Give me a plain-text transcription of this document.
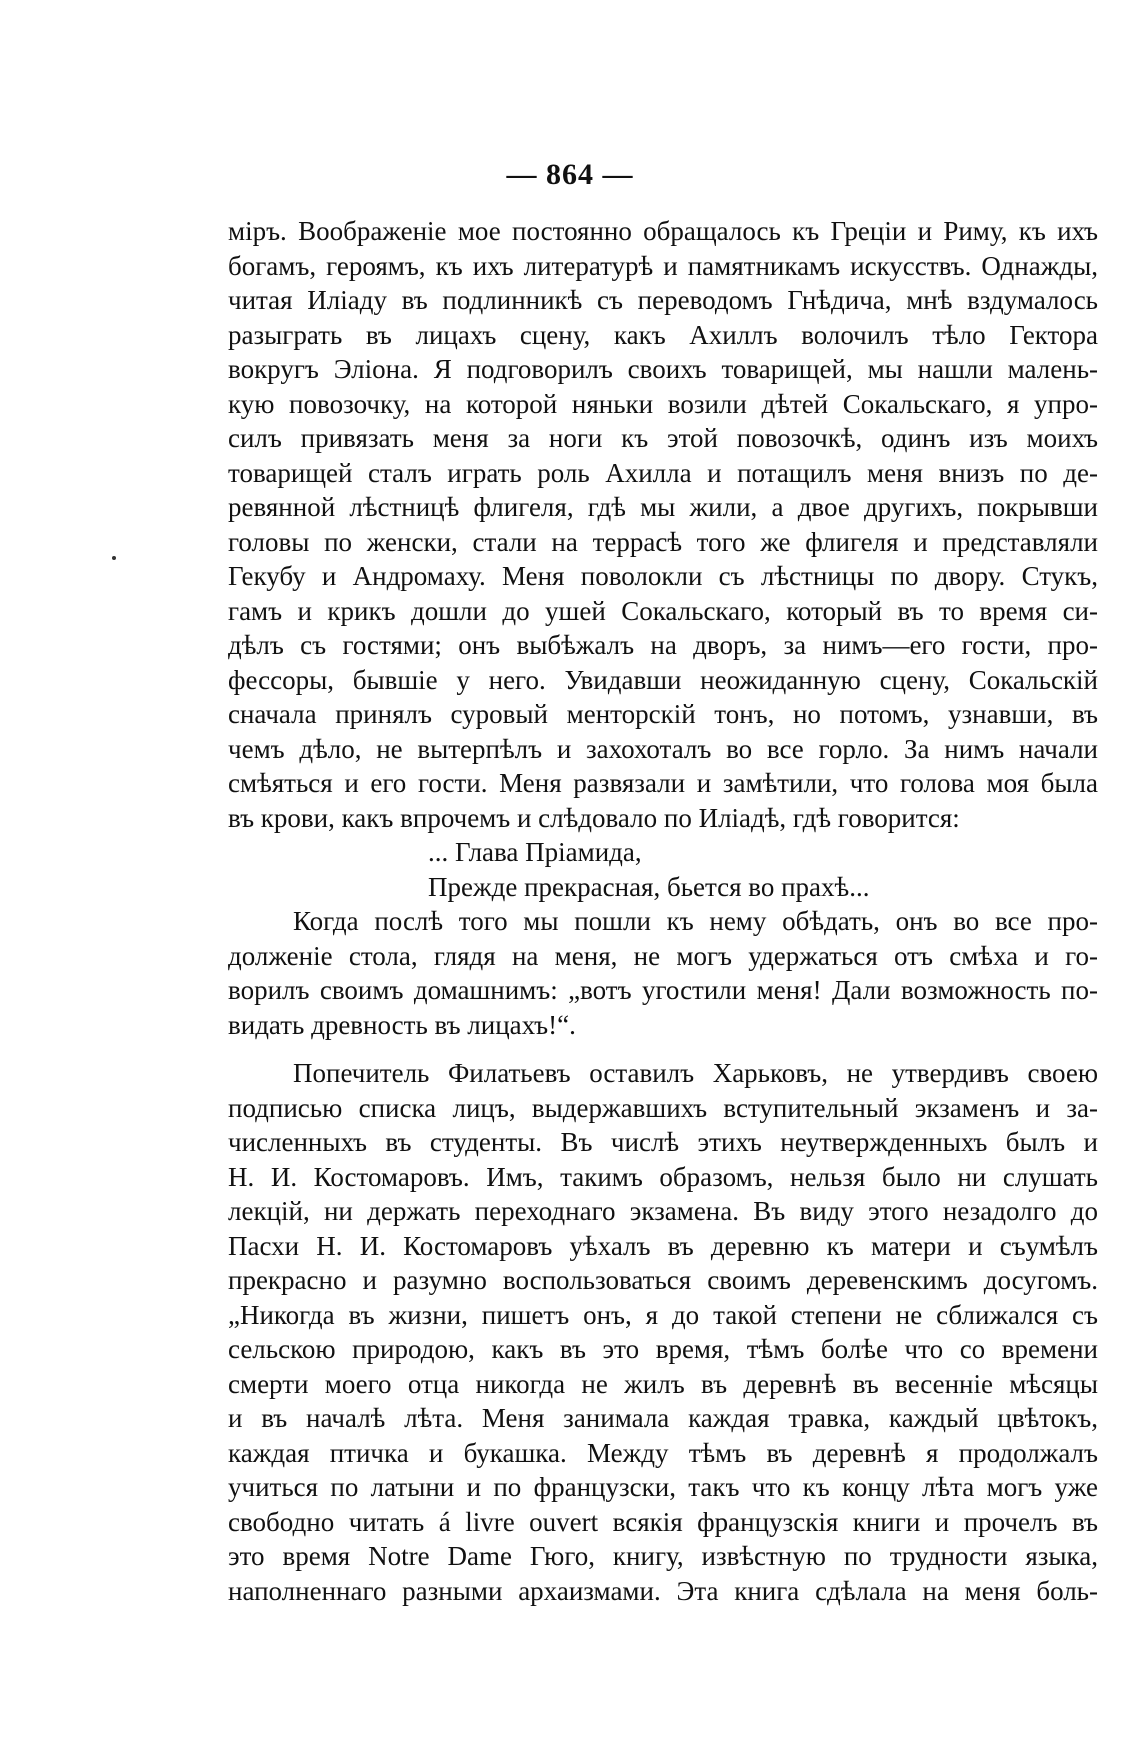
— 864 —
міръ. Воображеніе мое постоянно обращалось къ Греціи и Риму, къ ихъ
богамъ, героямъ, къ ихъ литературѣ и памятникамъ искусствъ. Однажды,
читая Иліаду въ подлинникѣ съ переводомъ Гнѣдича, мнѣ вздумалось
разыграть въ лицахъ сцену, какъ Ахиллъ волочилъ тѣло Гектора
вокругъ Эліона. Я подговорилъ своихъ товарищей, мы нашли малень-
кую повозочку, на которой няньки возили дѣтей Сокальскаго, я упро-
силъ привязать меня за ноги къ этой повозочкѣ, одинъ изъ моихъ
товарищей сталъ играть роль Ахилла и потащилъ меня внизъ по де-
ревянной лѣстницѣ флигеля, гдѣ мы жили, а двое другихъ, покрывши
головы по женски, стали на террасѣ того же флигеля и представляли
Гекубу и Андромаху. Меня поволокли съ лѣстницы по двору. Стукъ,
гамъ и крикъ дошли до ушей Сокальскаго, который въ то время си-
дѣлъ съ гостями; онъ выбѣжалъ на дворъ, за нимъ—его гости, про-
фессоры, бывшіе у него. Увидавши неожиданную сцену, Сокальскій
сначала принялъ суровый менторскій тонъ, но потомъ, узнавши, въ
чемъ дѣло, не вытерпѣлъ и захохоталъ во все горло. За нимъ начали
смѣяться и его гости. Меня развязали и замѣтили, что голова моя была
въ крови, какъ впрочемъ и слѣдовало по Иліадѣ, гдѣ говорится:
... Глава Пріамида,
Прежде прекрасная, бьется во прахѣ...
Когда послѣ того мы пошли къ нему обѣдать, онъ во все про-
долженіе стола, глядя на меня, не могъ удержаться отъ смѣха и го-
ворилъ своимъ домашнимъ: „вотъ угостили меня! Дали возможность по-
видать древность въ лицахъ!“.
Попечитель Филатьевъ оставилъ Харьковъ, не утвердивъ своею
подписью списка лицъ, выдержавшихъ вступительный экзаменъ и за-
численныхъ въ студенты. Въ числѣ этихъ неутвержденныхъ былъ и
Н. И. Костомаровъ. Имъ, такимъ образомъ, нельзя было ни слушать
лекцій, ни держать переходнаго экзамена. Въ виду этого незадолго до
Пасхи Н. И. Костомаровъ уѣхалъ въ деревню къ матери и съумѣлъ
прекрасно и разумно воспользоваться своимъ деревенскимъ досугомъ.
„Никогда въ жизни, пишетъ онъ, я до такой степени не сближался съ
сельскою природою, какъ въ это время, тѣмъ болѣе что со времени
смерти моего отца никогда не жилъ въ деревнѣ въ весенніе мѣсяцы
и въ началѣ лѣта. Меня занимала каждая травка, каждый цвѣтокъ,
каждая птичка и букашка. Между тѣмъ въ деревнѣ я продолжалъ
учиться по латыни и по французски, такъ что къ концу лѣта могъ уже
свободно читать á livre ouvert всякія французскія книги и прочелъ въ
это время Notre Dame Гюго, книгу, извѣстную по трудности языка,
наполненнаго разными архаизмами. Эта книга сдѣлала на меня боль-
